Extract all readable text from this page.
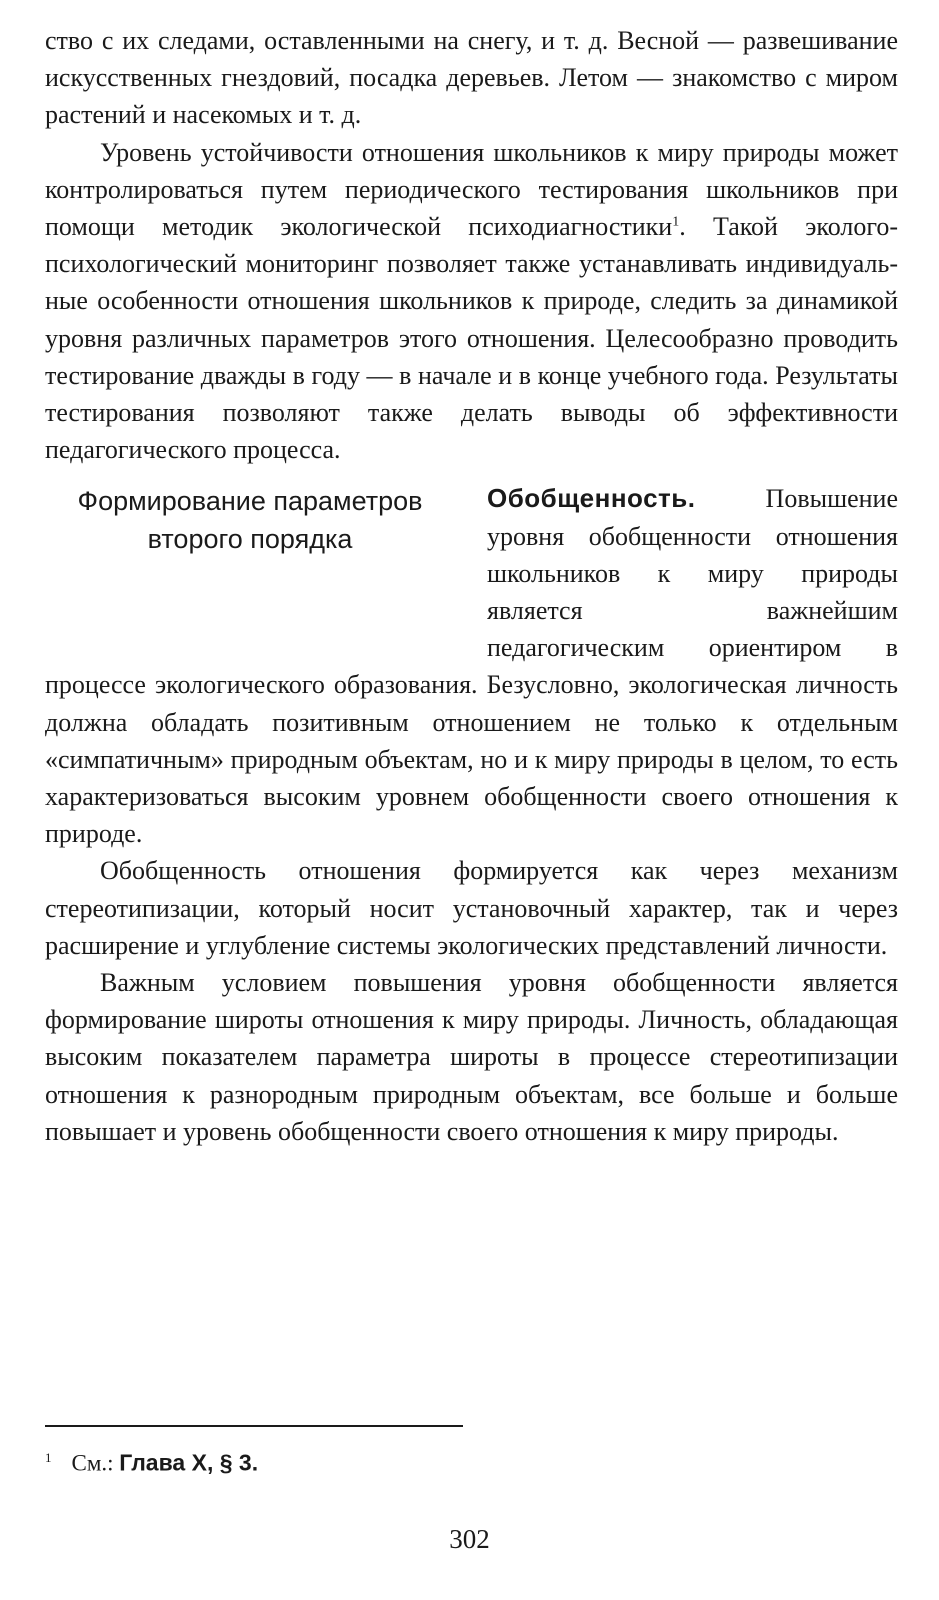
ство с их следами, оставленными на снегу, и т. д. Весной — развешивание искусственных гнездовий, посадка деревьев. Летом — знакомство с миром растений и насекомых и т. д.

Уровень устойчивости отношения школьников к миру природы может контролироваться путем периодического тестирования школьников при помощи методик экологической психодиагностики$^1$. Такой эколого-психологический мониторинг позволяет также устанавливать индивидуальные особенности отношения школьников к природе, следить за динамикой уровня различных параметров этого отношения. Целесообразно проводить тестирование дважды в году — в начале и в конце учебного года. Результаты тестирования позволяют также делать выводы об эффективности педагогического процесса.

Формирование параметров второго порядка

Обобщенность.	Повышение уровня обобщенности отношения школьников к миру природы является важнейшим педагогическим ориентиром в процессе экологического образования. Безусловно, экологическая личность должна обладать позитивным отношением не только к отдельным «симпатичным» природным объектам, но и к миру природы в целом, то есть характеризоваться высоким уровнем обобщенности своего отношения к природе.

Обобщенность отношения формируется как через механизм стереотипизации, который носит установочный характер, так и через расширение и углубление системы экологических представлений личности.

Важным условием повышения уровня обобщенности является формирование широты отношения к миру природы. Личность, обладающая высоким показателем параметра широты в процессе стереотипизации отношения к разнородным природным объектам, все больше и больше повышает и уровень обобщенности своего отношения к миру природы.

$^1$ См.: Глава X, § 3.
302
